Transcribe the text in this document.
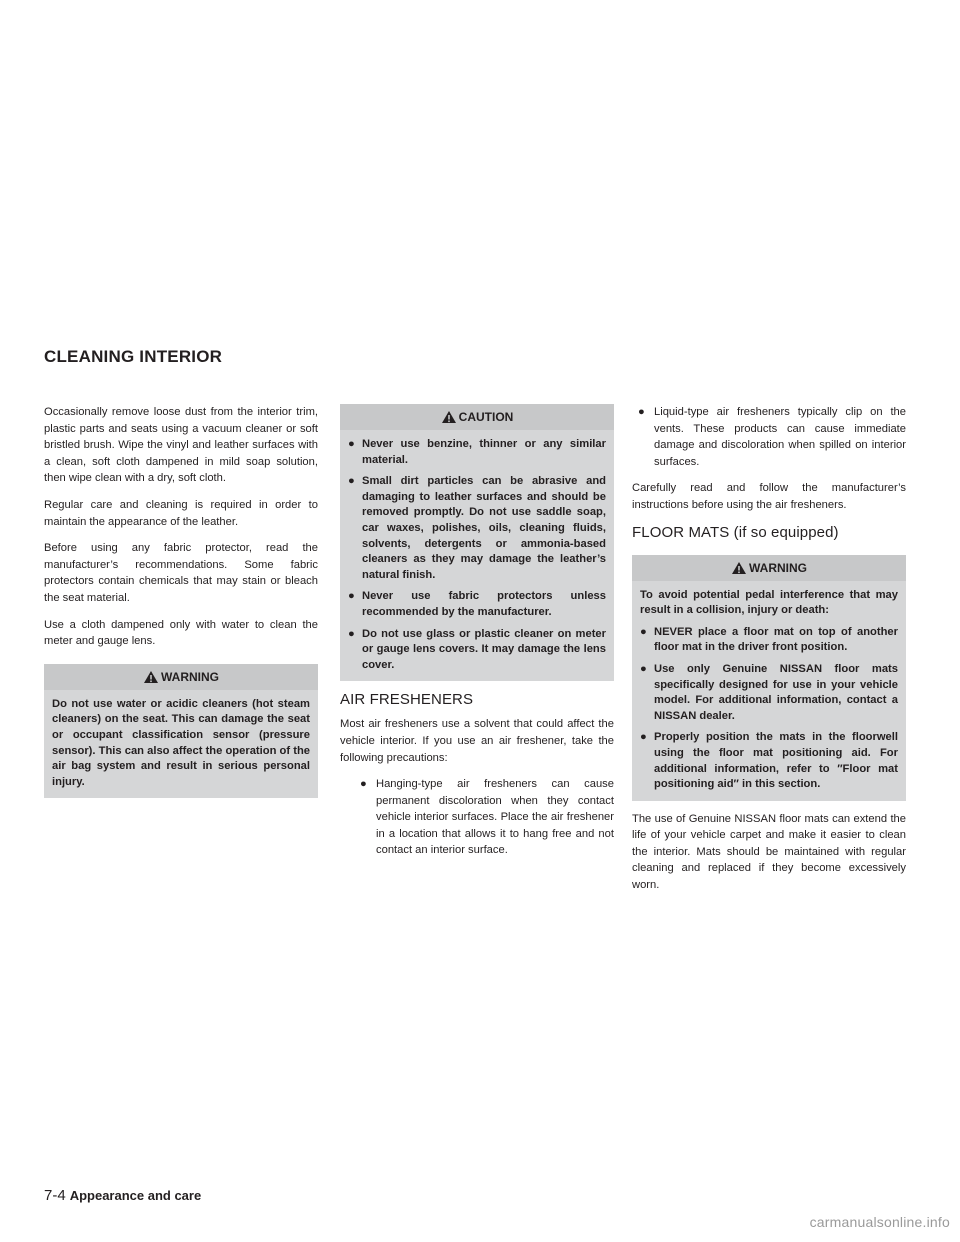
CLEANING INTERIOR

Occasionally remove loose dust from the interior trim, plastic parts and seats using a vacuum cleaner or soft bristled brush. Wipe the vinyl and leather surfaces with a clean, soft cloth dampened in mild soap solution, then wipe clean with a dry, soft cloth.

Regular care and cleaning is required in order to maintain the appearance of the leather.

Before using any fabric protector, read the manufacturer’s recommendations. Some fabric protectors contain chemicals that may stain or bleach the seat material.

Use a cloth dampened only with water to clean the meter and gauge lens.

WARNING
Do not use water or acidic cleaners (hot steam cleaners) on the seat. This can damage the seat or occupant classification sensor (pressure sensor). This can also affect the operation of the air bag system and result in serious personal injury.
CAUTION
● Never use benzine, thinner or any similar material.
● Small dirt particles can be abrasive and damaging to leather surfaces and should be removed promptly. Do not use saddle soap, car waxes, polishes, oils, cleaning fluids, solvents, detergents or ammonia-based cleaners as they may damage the leather’s natural finish.
● Never use fabric protectors unless recommended by the manufacturer.
● Do not use glass or plastic cleaner on meter or gauge lens covers. It may damage the lens cover.
AIR FRESHENERS

Most air fresheners use a solvent that could affect the vehicle interior. If you use an air freshener, take the following precautions:

● Hanging-type air fresheners can cause permanent discoloration when they contact vehicle interior surfaces. Place the air freshener in a location that allows it to hang free and not contact an interior surface.
● Liquid-type air fresheners typically clip on the vents. These products can cause immediate damage and discoloration when spilled on interior surfaces.

Carefully read and follow the manufacturer’s instructions before using the air fresheners.

FLOOR MATS (if so equipped)
WARNING

To avoid potential pedal interference that may result in a collision, injury or death:

● NEVER place a floor mat on top of another floor mat in the driver front position.
● Use only Genuine NISSAN floor mats specifically designed for use in your vehicle model. For additional information, contact a NISSAN dealer.
● Properly position the mats in the floorwell using the floor mat positioning aid. For additional information, refer to ″Floor mat positioning aid″ in this section.

The use of Genuine NISSAN floor mats can extend the life of your vehicle carpet and make it easier to clean the interior. Mats should be maintained with regular cleaning and replaced if they become excessively worn.

7-4 Appearance and care
carmanualsonline.info
